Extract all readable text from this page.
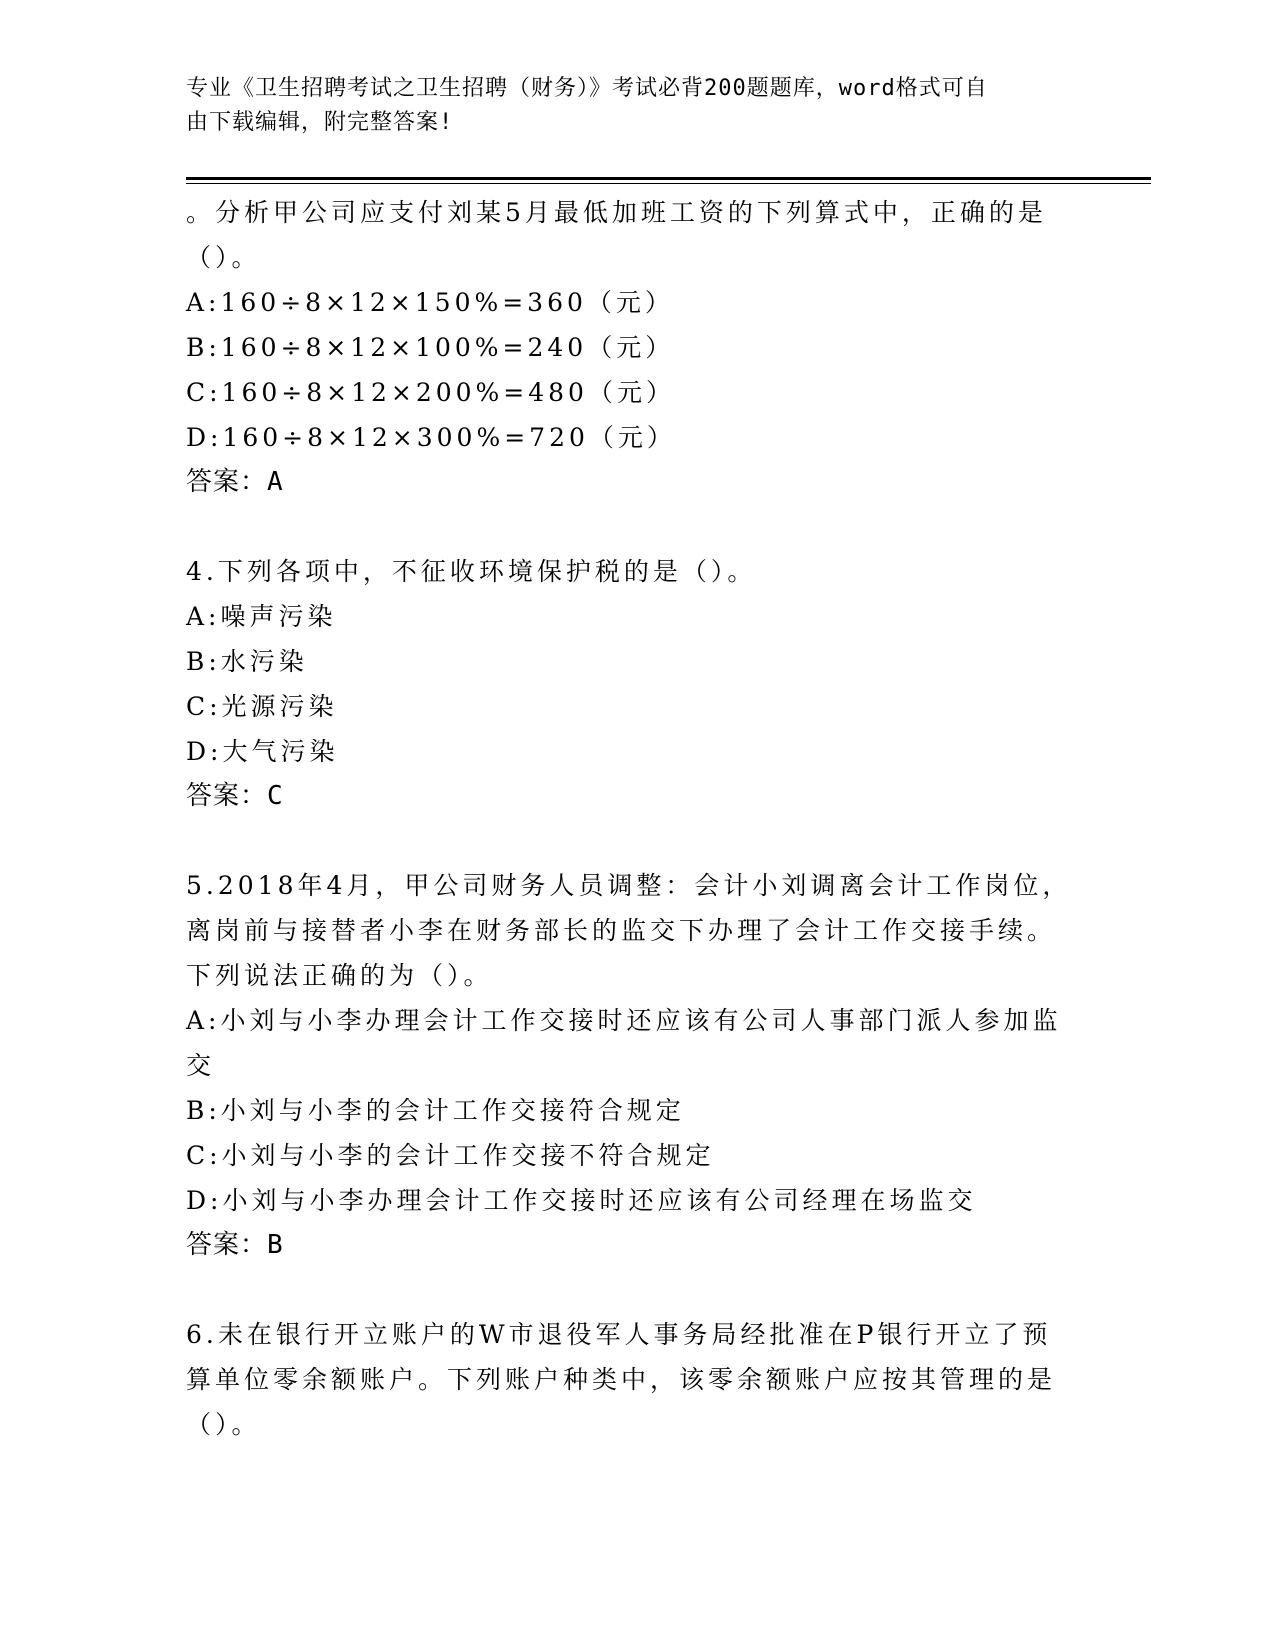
专业《卫生招聘考试之卫生招聘（财务）》考试必背200题题库，word格式可自
由下载编辑，附完整答案!
。分析甲公司应支付刘某5月最低加班工资的下列算式中，正确的是
（）。
A:160÷8×12×150%=360（元）
B:160÷8×12×100%=240（元）
C:160÷8×12×200%=480（元）
D:160÷8×12×300%=720（元）
答案：A
4.下列各项中，不征收环境保护税的是（）。
A:噪声污染
B:水污染
C:光源污染
D:大气污染
答案：C
5.2018年4月，甲公司财务人员调整：会计小刘调离会计工作岗位，
离岗前与接替者小李在财务部长的监交下办理了会计工作交接手续。
下列说法正确的为（）。
A:小刘与小李办理会计工作交接时还应该有公司人事部门派人参加监
交
B:小刘与小李的会计工作交接符合规定
C:小刘与小李的会计工作交接不符合规定
D:小刘与小李办理会计工作交接时还应该有公司经理在场监交
答案：B
6.未在银行开立账户的W市退役军人事务局经批准在P银行开立了预
算单位零余额账户。下列账户种类中，该零余额账户应按其管理的是
（）。
